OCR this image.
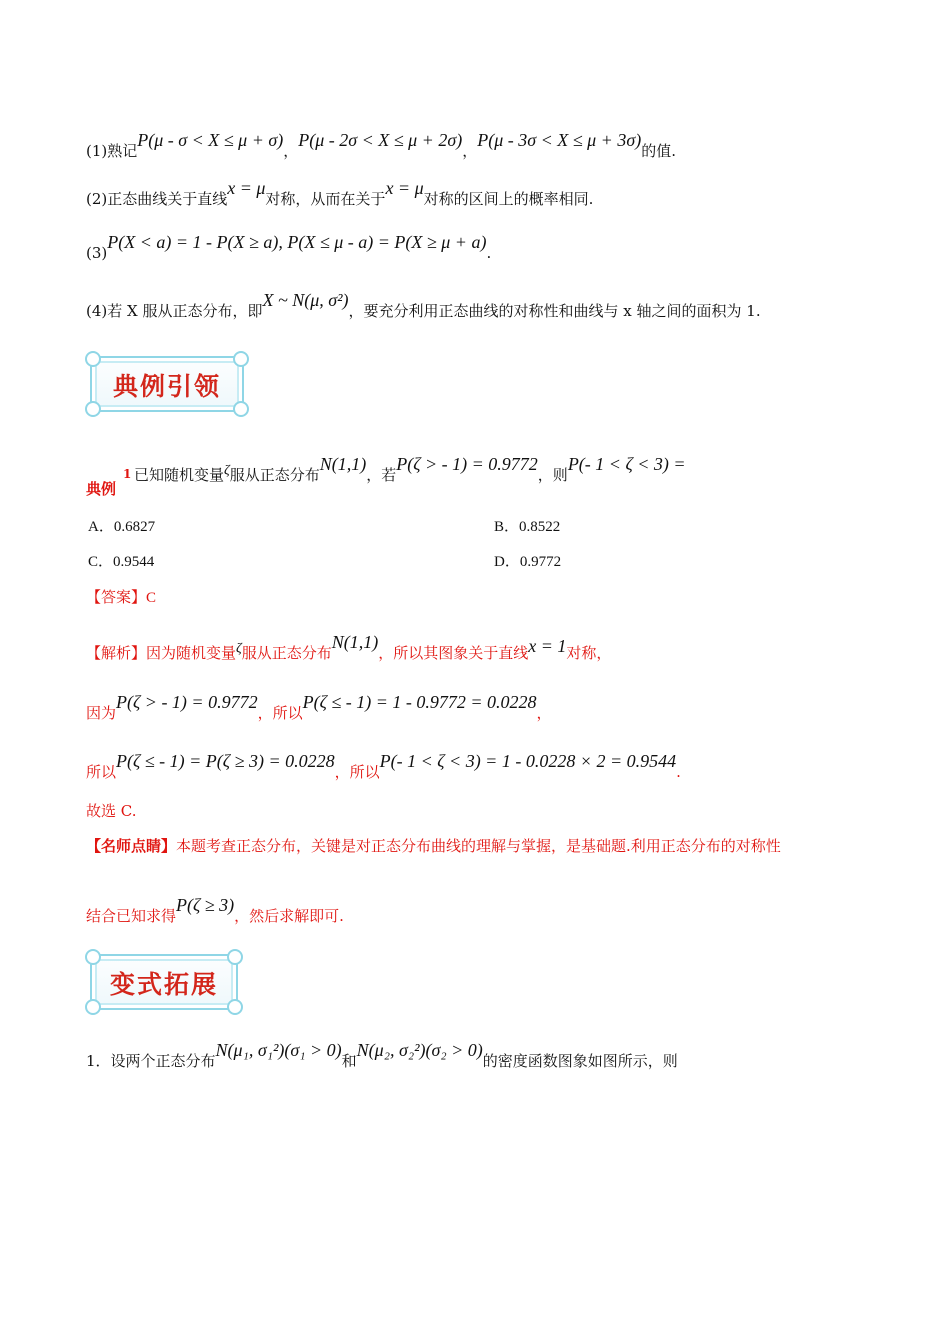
(1)熟记P(μ - σ < X ≤ μ + σ)，P(μ - 2σ < X ≤ μ + 2σ)，P(μ - 3σ < X ≤ μ + 3σ)的值.
(2)正态曲线关于直线x = μ对称，从而在关于x = μ对称的区间上的概率相同.
(3)P(X < a) = 1 - P(X ≥ a), P(X ≤ μ - a) = P(X ≥ μ + a).
(4)若 X 服从正态分布，即X ~ N(μ, σ²)，要充分利用正态曲线的对称性和曲线与 x 轴之间的面积为 1.
典例引领
典例
1 已知随机变量ζ服从正态分布N(1,1)，若P(ζ > - 1) = 0.9772，则P(- 1 < ζ < 3) =
A．0.6827	B．0.8522
C．0.9544	D．0.9772
【答案】C
【解析】因为随机变量ζ服从正态分布N(1,1)，所以其图象关于直线x = 1对称，
因为P(ζ > - 1) = 0.9772，所以P(ζ ≤ - 1) = 1 - 0.9772 = 0.0228，
所以P(ζ ≤ - 1) = P(ζ ≥ 3) = 0.0228，所以P(- 1 < ζ < 3) = 1 - 0.0228 × 2 = 0.9544.
故选 C.
【名师点睛】本题考查正态分布，关键是对正态分布曲线的理解与掌握，是基础题.利用正态分布的对称性
结合已知求得P(ζ ≥ 3)，然后求解即可.
变式拓展
1．设两个正态分布N(μ₁, σ₁²)(σ₁ > 0)和N(μ₂, σ₂²)(σ₂ > 0)的密度函数图象如图所示，则
